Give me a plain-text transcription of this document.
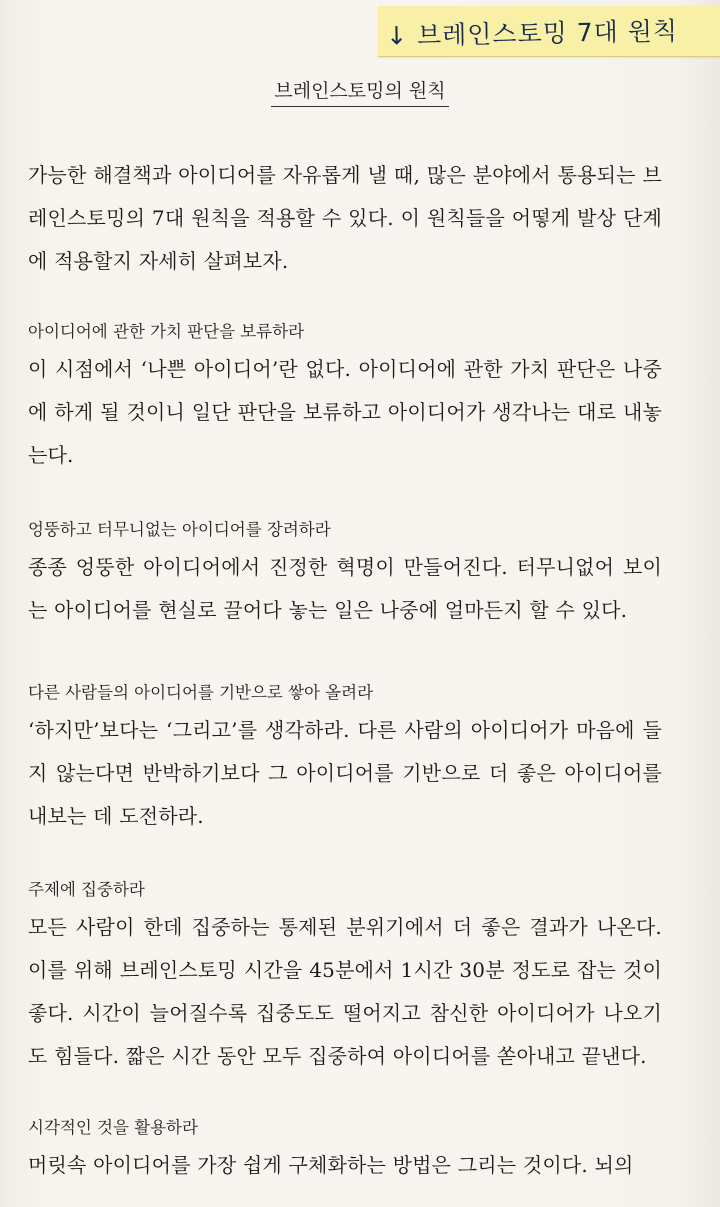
↓ 브레인스토밍 7대 원칙
브레인스토밍의 원칙
가능한 해결책과 아이디어를 자유롭게 낼 때, 많은 분야에서 통용되는 브레인스토밍의 7대 원칙을 적용할 수 있다. 이 원칙들을 어떻게 발상 단계에 적용할지 자세히 살펴보자.
아이디어에 관한 가치 판단을 보류하라
이 시점에서 ‘나쁜 아이디어’란 없다. 아이디어에 관한 가치 판단은 나중에 하게 될 것이니 일단 판단을 보류하고 아이디어가 생각나는 대로 내놓는다.
엉뚱하고 터무니없는 아이디어를 장려하라
종종 엉뚱한 아이디어에서 진정한 혁명이 만들어진다. 터무니없어 보이는 아이디어를 현실로 끌어다 놓는 일은 나중에 얼마든지 할 수 있다.
다른 사람들의 아이디어를 기반으로 쌓아 올려라
‘하지만’보다는 ‘그리고’를 생각하라. 다른 사람의 아이디어가 마음에 들지 않는다면 반박하기보다 그 아이디어를 기반으로 더 좋은 아이디어를 내보는 데 도전하라.
주제에 집중하라
모든 사람이 한데 집중하는 통제된 분위기에서 더 좋은 결과가 나온다. 이를 위해 브레인스토밍 시간을 45분에서 1시간 30분 정도로 잡는 것이 좋다. 시간이 늘어질수록 집중도도 떨어지고 참신한 아이디어가 나오기도 힘들다. 짧은 시간 동안 모두 집중하여 아이디어를 쏟아내고 끝낸다.
시각적인 것을 활용하라
머릿속 아이디어를 가장 쉽게 구체화하는 방법은 그리는 것이다. 뇌의
